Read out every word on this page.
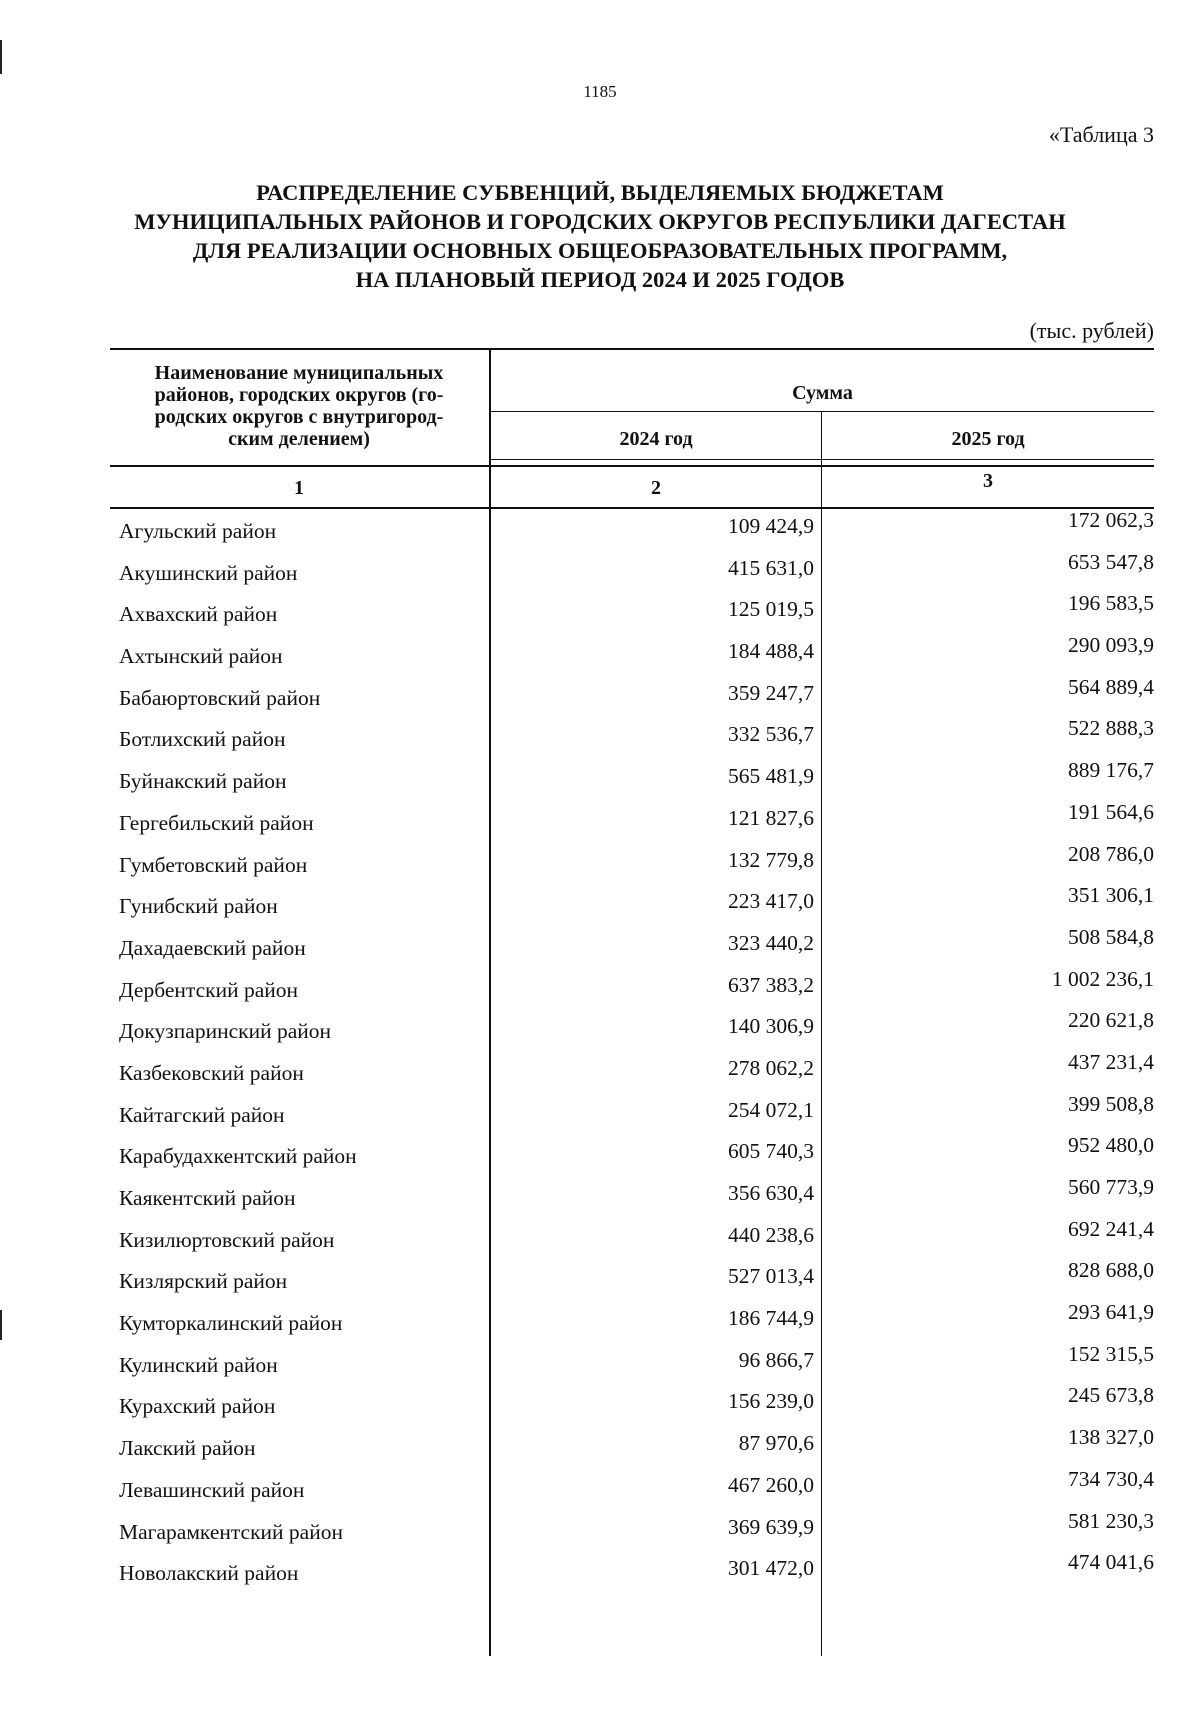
1185
«Таблица 3
РАСПРЕДЕЛЕНИЕ СУБВЕНЦИЙ, ВЫДЕЛЯЕМЫХ БЮДЖЕТАМ
МУНИЦИПАЛЬНЫХ РАЙОНОВ И ГОРОДСКИХ ОКРУГОВ РЕСПУБЛИКИ ДАГЕСТАН
ДЛЯ РЕАЛИЗАЦИИ ОСНОВНЫХ ОБЩЕОБРАЗОВАТЕЛЬНЫХ ПРОГРАММ,
НА ПЛАНОВЫЙ ПЕРИОД 2024 И 2025 ГОДОВ
(тыс. рублей)
Наименование муниципальных
районов, городских округов (го-
родских округов с внутригород-
ским делением)
Сумма
2024 год	2025 год
1	2	3
Агульский район	109 424,9	172 062,3
Акушинский район	415 631,0	653 547,8
Ахвахский район	125 019,5	196 583,5
Ахтынский район	184 488,4	290 093,9
Бабаюртовский район	359 247,7	564 889,4
Ботлихский район	332 536,7	522 888,3
Буйнакский район	565 481,9	889 176,7
Гергебильский район	121 827,6	191 564,6
Гумбетовский район	132 779,8	208 786,0
Гунибский район	223 417,0	351 306,1
Дахадаевский район	323 440,2	508 584,8
Дербентский район	637 383,2	1 002 236,1
Докузпаринский район	140 306,9	220 621,8
Казбековский район	278 062,2	437 231,4
Кайтагский район	254 072,1	399 508,8
Карабудахкентский район	605 740,3	952 480,0
Каякентский район	356 630,4	560 773,9
Кизилюртовский район	440 238,6	692 241,4
Кизлярский район	527 013,4	828 688,0
Кумторкалинский район	186 744,9	293 641,9
Кулинский район	96 866,7	152 315,5
Курахский район	156 239,0	245 673,8
Лакский район	87 970,6	138 327,0
Левашинский район	467 260,0	734 730,4
Магарамкентский район	369 639,9	581 230,3
Новолакский район	301 472,0	474 041,6
